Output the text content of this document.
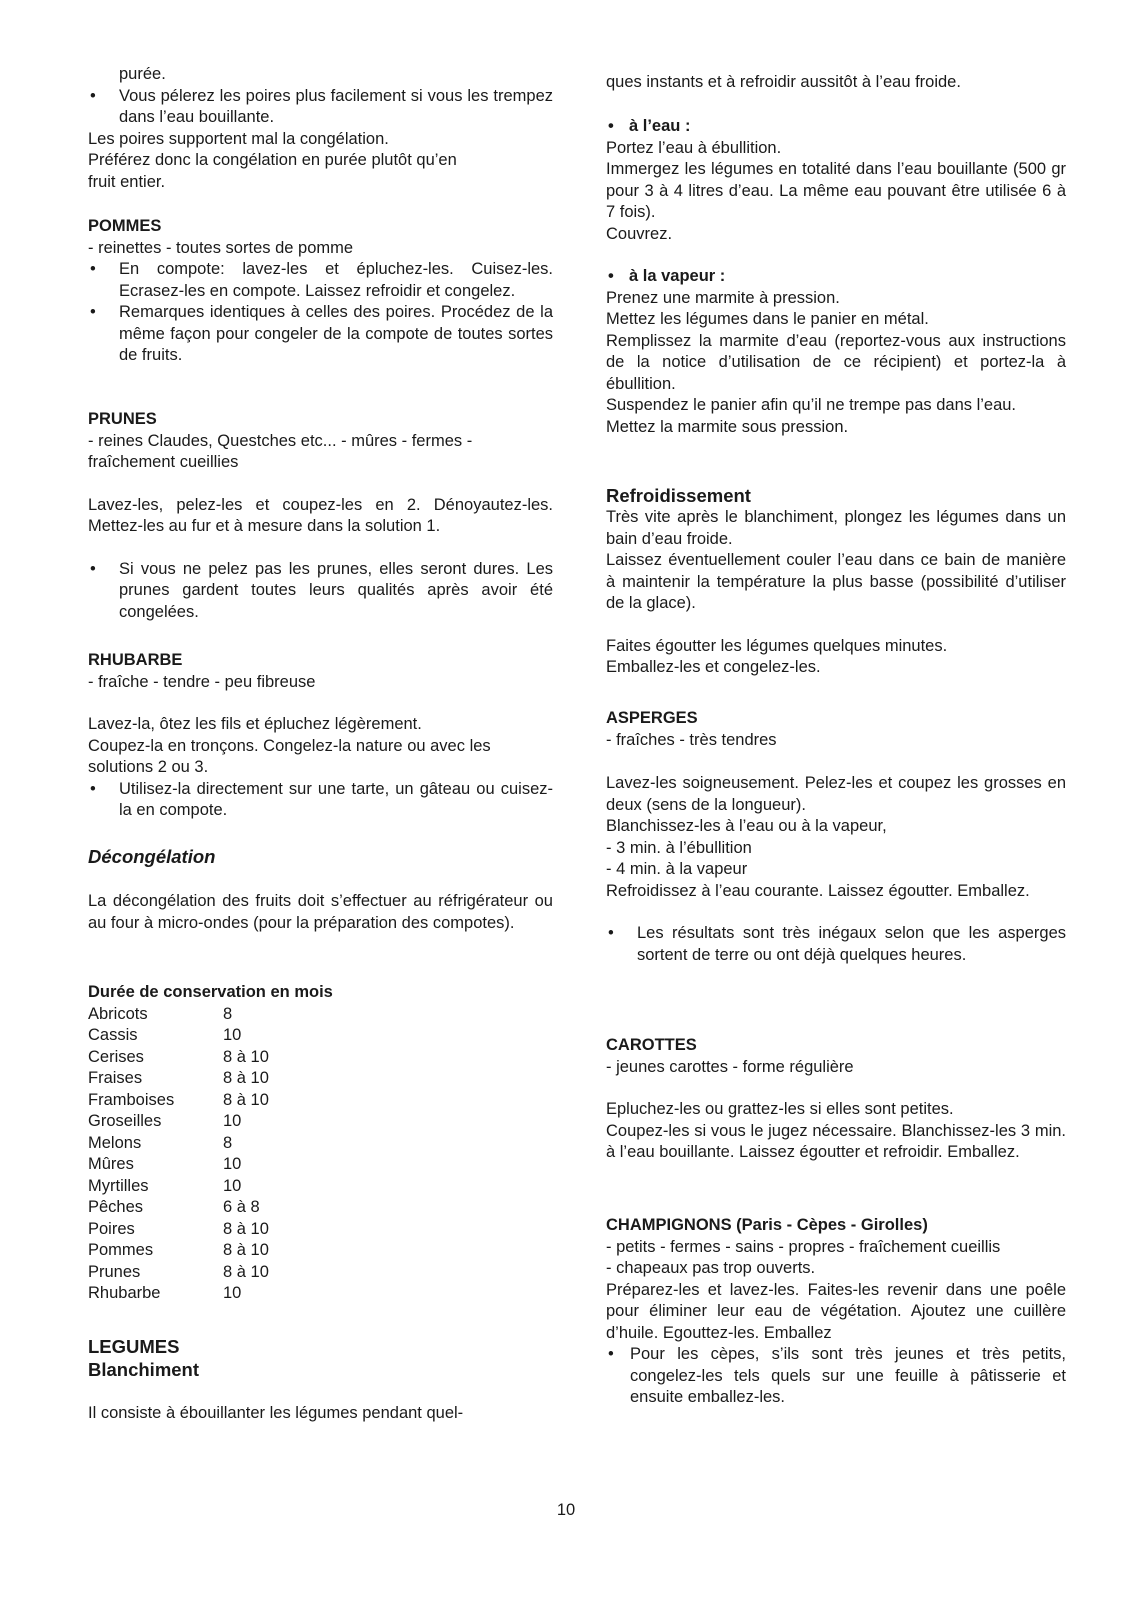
purée.

• Vous pélerez les poires plus facilement si vous les trempez dans l’eau bouillante.

Les poires supportent mal la congélation.

Préférez donc la congélation en purée plutôt qu’en fruit entier.

POMMES

- reinettes - toutes sortes de pomme

• En compote: lavez-les et épluchez-les. Cuisez-les. Ecrasez-les en compote. Laissez refroidir et congelez.

• Remarques identiques à celles des poires. Procédez de la même façon pour congeler de la compote de toutes sortes de fruits.

PRUNES

- reines Claudes, Questches etc... - mûres - fermes - fraîchement cueillies

Lavez-les, pelez-les et coupez-les en 2. Dénoyautez-les. Mettez-les au fur et à mesure dans la solution 1.

• Si vous ne pelez pas les prunes, elles seront dures. Les prunes gardent toutes leurs qualités après avoir été congelées.

RHUBARBE

- fraîche - tendre - peu fibreuse

Lavez-la, ôtez les fils et épluchez légèrement.

Coupez-la en tronçons. Congelez-la nature ou avec les solutions 2 ou 3.

• Utilisez-la directement sur une tarte, un gâteau ou cuisez-la en compote.

Décongélation

La décongélation des fruits doit s’effectuer au réfrigérateur ou au four à micro-ondes (pour la préparation des compotes).

Durée de conservation en mois

Abricots	8
Cassis	10
Cerises	8 à 10
Fraises	8 à 10
Framboises	8 à 10
Groseilles	10
Melons	8
Mûres	10
Myrtilles	10
Pêches	6 à 8
Poires	8 à 10
Pommes	8 à 10
Prunes	8 à 10
Rhubarbe	10

LEGUMES

Blanchiment

Il consiste à ébouillanter les légumes pendant quel-

ques instants et à refroidir aussitôt à l’eau froide.

• à l’eau :

Portez l’eau à ébullition.

Immergez les légumes en totalité dans l’eau bouillante (500 gr pour 3 à 4 litres d’eau. La même eau pouvant être utilisée 6 à 7 fois).

Couvrez.

• à la vapeur :

Prenez une marmite à pression.

Mettez les légumes dans le panier en métal.

Remplissez la marmite d’eau (reportez-vous aux instructions de la notice d’utilisation de ce récipient) et portez-la à ébullition.

Suspendez le panier afin qu’il ne trempe pas dans l’eau.

Mettez la marmite sous pression.

Refroidissement

Très vite après le blanchiment, plongez les légumes dans un bain d’eau froide.

Laissez éventuellement couler l’eau dans ce bain de manière à maintenir la température la plus basse (possibilité d’utiliser de la glace).

Faites égoutter les légumes quelques minutes.

Emballez-les et congelez-les.

ASPERGES

- fraîches - très tendres

Lavez-les soigneusement. Pelez-les et coupez les grosses en deux (sens de la longueur).

Blanchissez-les à l’eau ou à la vapeur,

- 3 min. à l’ébullition

- 4 min. à la vapeur

Refroidissez à l’eau courante. Laissez égoutter. Emballez.

• Les résultats sont très inégaux selon que les asperges sortent de terre ou ont déjà quelques heures.

CAROTTES

- jeunes carottes - forme régulière

Epluchez-les ou grattez-les si elles sont petites.

Coupez-les si vous le jugez nécessaire. Blanchissez-les 3 min. à l’eau bouillante. Laissez égoutter et refroidir. Emballez.

CHAMPIGNONS (Paris - Cèpes - Girolles)

- petits - fermes - sains - propres - fraîchement cueillis

- chapeaux pas trop ouverts.

Préparez-les et lavez-les. Faites-les revenir dans une poêle pour éliminer leur eau de végétation. Ajoutez une cuillère d’huile. Egouttez-les. Emballez

• Pour les cèpes, s’ils sont très jeunes et très petits, congelez-les tels quels sur une feuille à pâtisserie et ensuite emballez-les.

10
